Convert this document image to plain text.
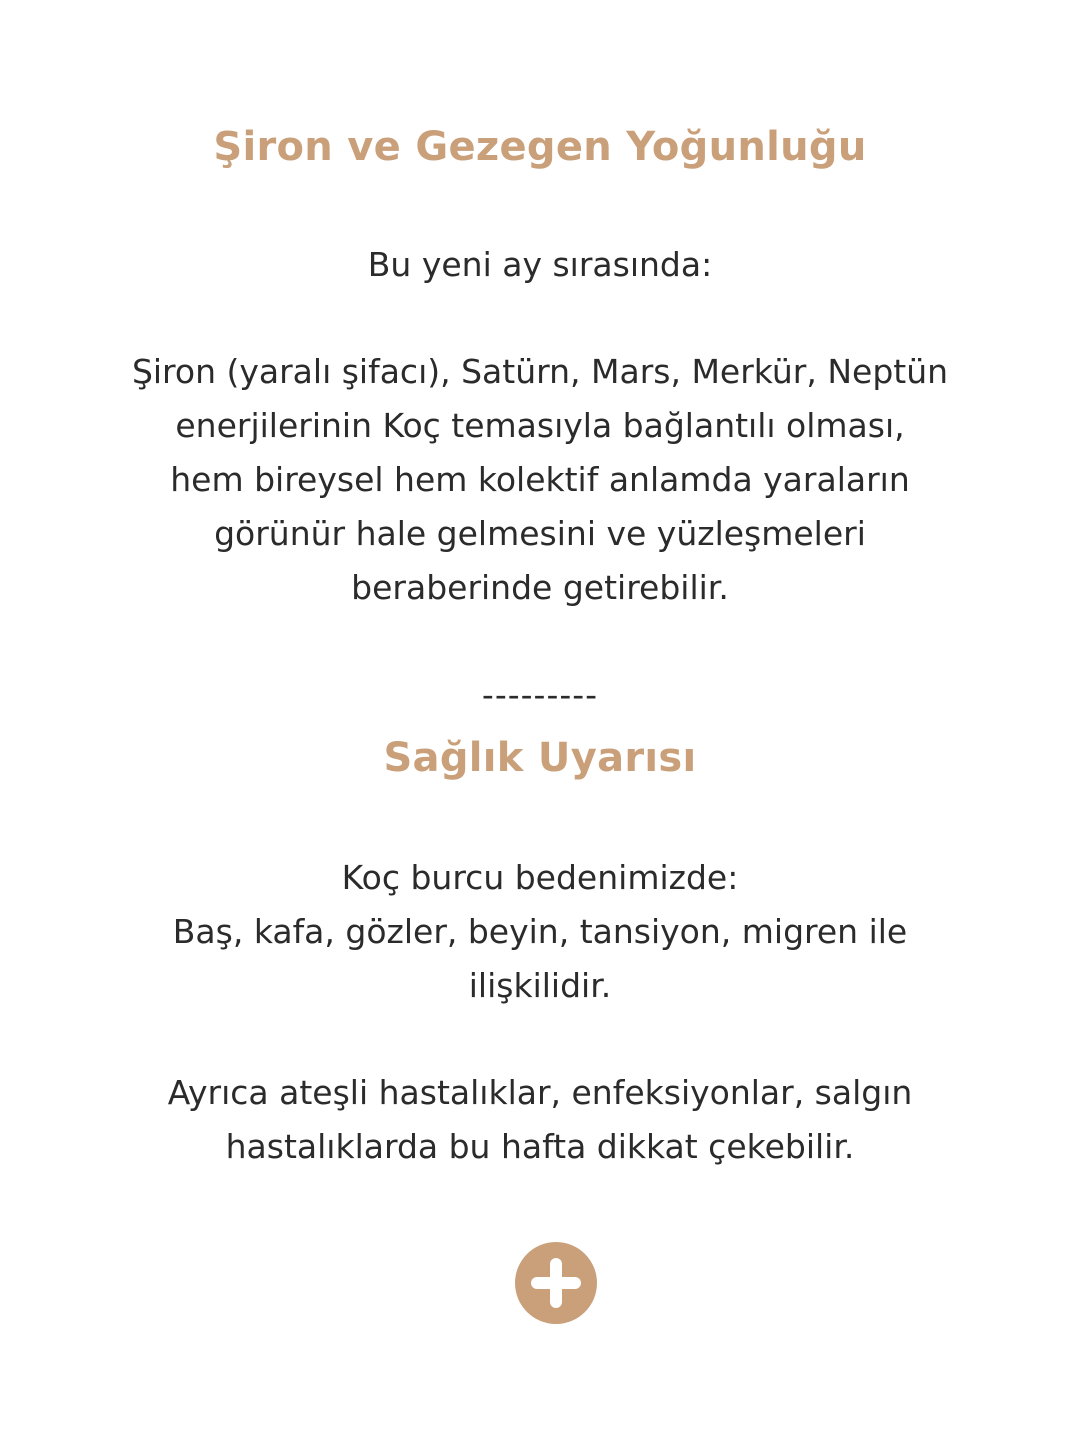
Şiron ve Gezegen Yoğunluğu

Bu yeni ay sırasında:

Şiron (yaralı şifacı), Satürn, Mars, Merkür, Neptün

enerjilerinin Koç temasıyla bağlantılı olması,

hem bireysel hem kolektif anlamda yaraların

görünür hale gelmesini ve yüzleşmeleri

beraberinde getirebilir.

---------

Sağlık Uyarısı

Koç burcu bedenimizde:

Baş, kafa, gözler, beyin, tansiyon, migren ile

ilişkilidir.

Ayrıca ateşli hastalıklar, enfeksiyonlar, salgın

hastalıklarda bu hafta dikkat çekebilir.
